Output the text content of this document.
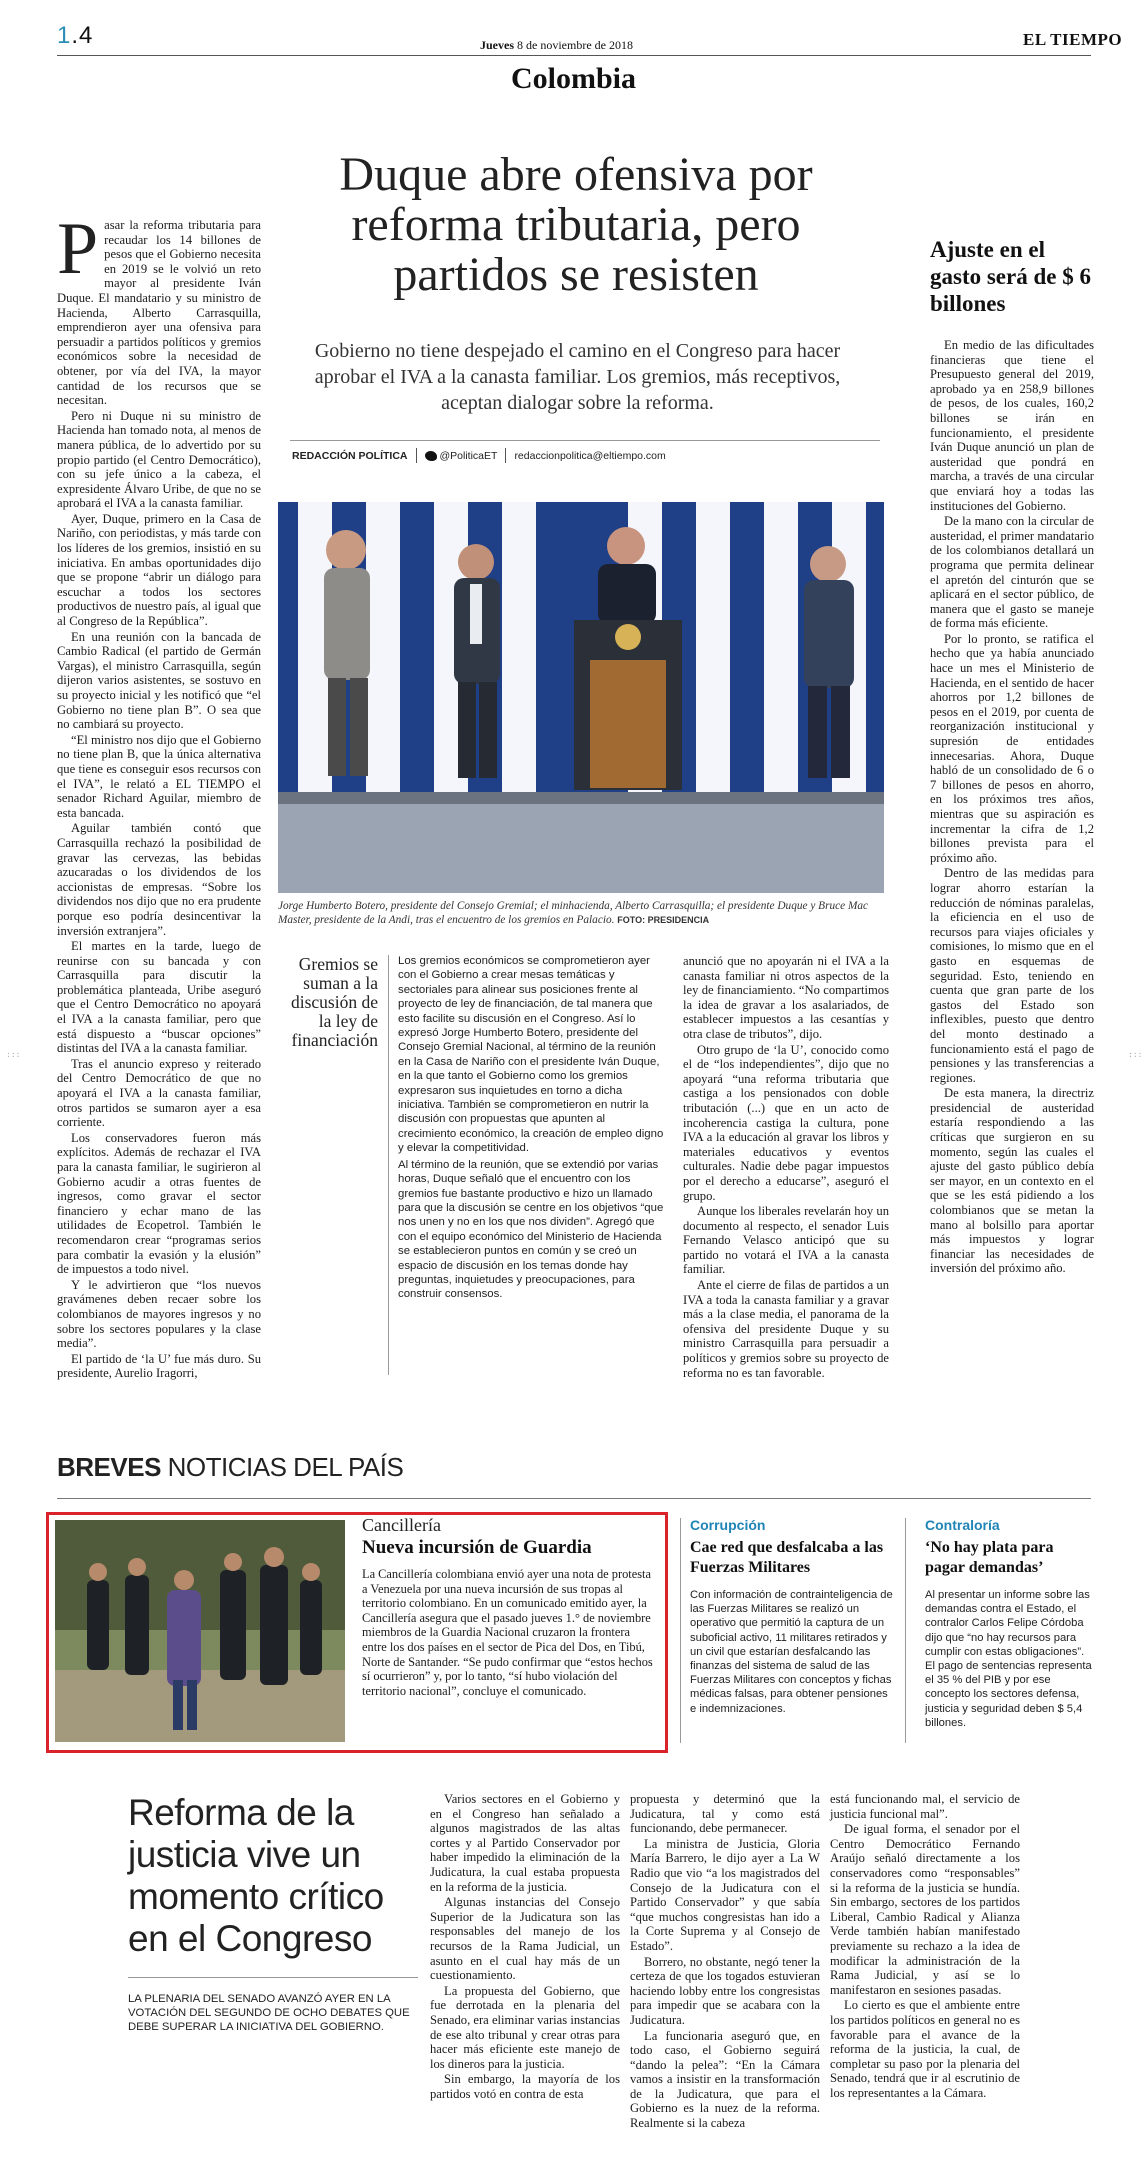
1.4	Jueves 8 de noviembre de 2018	EL TIEMPO
Colombia
Duque abre ofensiva por reforma tributaria, pero partidos se resisten
Gobierno no tiene despejado el camino en el Congreso para hacer aprobar el IVA a la canasta familiar. Los gremios, más receptivos, aceptan dialogar sobre la reforma.
REDACCIÓN POLÍTICA	@PoliticaET redaccionpolitica@eltiempo.com
P asar la reforma tributaria para recaudar los 14 billones de pesos que el Gobierno necesita en 2019 se le volvió un reto mayor al presidente Iván Duque. El mandatario y su ministro de Hacienda, Alberto Carrasquilla, emprendieron ayer una ofensiva para persuadir a partidos políticos y gremios económicos sobre la necesidad de obtener, por vía del IVA, la mayor cantidad de los recursos que se necesitan.

Pero ni Duque ni su ministro de Hacienda han tomado nota, al menos de manera pública, de lo advertido por su propio partido (el Centro Democrático), con su jefe único a la cabeza, el expresidente Álvaro Uribe, de que no se aprobará el IVA a la canasta familiar.

Ayer, Duque, primero en la Casa de Nariño, con periodistas, y más tarde con los líderes de los gremios, insistió en su iniciativa. En ambas oportunidades dijo que se propone “abrir un diálogo para escuchar a todos los sectores productivos de nuestro país, al igual que al Congreso de la República”.

En una reunión con la bancada de Cambio Radical (el partido de Germán Vargas), el ministro Carrasquilla, según dijeron varios asistentes, se sostuvo en su proyecto inicial y les notificó que “el Gobierno no tiene plan B”. O sea que no cambiará su proyecto.

“El ministro nos dijo que el Gobierno no tiene plan B, que la única alternativa que tiene es conseguir esos recursos con el IVA”, le relató a EL TIEMPO el senador Richard Aguilar, miembro de esta bancada.

Aguilar también contó que Carrasquilla rechazó la posibilidad de gravar las cervezas, las bebidas azucaradas o los dividendos de los accionistas de empresas. “Sobre los dividendos nos dijo que no era prudente porque eso podría desincentivar la inversión extranjera”.

El martes en la tarde, luego de reunirse con su bancada y con Carrasquilla para discutir la problemática planteada, Uribe aseguró que el Centro Democrático no apoyará el IVA a la canasta familiar, pero que está dispuesto a “buscar opciones” distintas del IVA a la canasta familiar.

Tras el anuncio expreso y reiterado del Centro Democrático de que no apoyará el IVA a la canasta familiar, otros partidos se sumaron ayer a esa corriente.

Los conservadores fueron más explícitos. Además de rechazar el IVA para la canasta familiar, le sugirieron al Gobierno acudir a otras fuentes de ingresos, como gravar el sector financiero y echar mano de las utilidades de Ecopetrol. También le recomendaron crear “programas serios para combatir la evasión y la elusión” de impuestos a todo nivel.

Y le advirtieron que “los nuevos gravámenes deben recaer sobre los colombianos de mayores ingresos y no sobre los sectores populares y la clase media”.

El partido de ‘la U’ fue más duro. Su presidente, Aurelio Iragorri,

Jorge Humberto Botero, presidente del Consejo Gremial; el minhacienda, Alberto Carrasquilla; el presidente Duque y Bruce Mac Master, presidente de la Andi, tras el encuentro de los gremios en Palacio. FOTO: PRESIDENCIA
Ajuste en el gasto será de $ 6 billones

En medio de las dificultades financieras que tiene el Presupuesto general del 2019, aprobado ya en 258,9 billones de pesos, de los cuales, 160,2 billones se irán en funcionamiento, el presidente Iván Duque anunció un plan de austeridad que pondrá en marcha, a través de una circular que enviará hoy a todas las instituciones del Gobierno.

De la mano con la circular de austeridad, el primer mandatario de los colombianos detallará un programa que permita delinear el apretón del cinturón que se aplicará en el sector público, de manera que el gasto se maneje de forma más eficiente.

Por lo pronto, se ratifica el hecho que ya había anunciado hace un mes el Ministerio de Hacienda, en el sentido de hacer ahorros por 1,2 billones de pesos en el 2019, por cuenta de reorganización institucional y supresión de entidades innecesarias. Ahora, Duque habló de un consolidado de 6 o 7 billones de pesos en ahorro, en los próximos tres años, mientras que su aspiración es incrementar la cifra de 1,2 billones prevista para el próximo año.

Dentro de las medidas para lograr ahorro estarían la reducción de nóminas paralelas, la eficiencia en el uso de recursos para viajes oficiales y comisiones, lo mismo que en el gasto en esquemas de seguridad. Esto, teniendo en cuenta que gran parte de los gastos del Estado son inflexibles, puesto que dentro del monto destinado a funcionamiento está el pago de pensiones y las transferencias a regiones.

De esta manera, la directriz presidencial de austeridad estaría respondiendo a las críticas que surgieron en su momento, según las cuales el ajuste del gasto público debía ser mayor, en un contexto en el que se les está pidiendo a los colombianos que se metan la mano al bolsillo para aportar más impuestos y lograr financiar las necesidades de inversión del próximo año.

Gremios se suman a la discusión de la ley de financiación

Los gremios económicos se comprometieron ayer con el Gobierno a crear mesas temáticas y sectoriales para alinear sus posiciones frente al proyecto de ley de financiación, de tal manera que esto facilite su discusión en el Congreso. Así lo expresó Jorge Humberto Botero, presidente del Consejo Gremial Nacional, al término de la reunión en la Casa de Nariño con el presidente Iván Duque, en la que tanto el Gobierno como los gremios expresaron sus inquietudes en torno a dicha iniciativa. También se comprometieron en nutrir la discusión con propuestas que apunten al crecimiento económico, la creación de empleo digno y elevar la competitividad.

Al término de la reunión, que se extendió por varias horas, Duque señaló que el encuentro con los gremios fue bastante productivo e hizo un llamado para que la discusión se centre en los objetivos “que nos unen y no en los que nos dividen”. Agregó que con el equipo económico del Ministerio de Hacienda se establecieron puntos en común y se creó un espacio de discusión en los temas donde hay preguntas, inquietudes y preocupaciones, para construir consensos.

anunció que no apoyarán ni el IVA a la canasta familiar ni otros aspectos de la ley de financiamiento. “No compartimos la idea de gravar a los asalariados, de establecer impuestos a las cesantías y otra clase de tributos”, dijo.

Otro grupo de ‘la U’, conocido como el de “los independientes”, dijo que no apoyará “una reforma tributaria que castiga a los pensionados con doble tributación (...) que en un acto de incoherencia castiga la cultura, pone IVA a la educación al gravar los libros y materiales educativos y eventos culturales. Nadie debe pagar impuestos por el derecho a educarse”, aseguró el grupo.

Aunque los liberales revelarán hoy un documento al respecto, el senador Luis Fernando Velasco anticipó que su partido no votará el IVA a la canasta familiar.

Ante el cierre de filas de partidos a un IVA a toda la canasta familiar y a gravar más a la clase media, el panorama de la ofensiva del presidente Duque y su ministro Carrasquilla para persuadir a políticos y gremios sobre su proyecto de reforma no es tan favorable.

:::	:::
BREVES NOTICIAS DEL PAÍS
Cancillería
Nueva incursión de Guardia
La Cancillería colombiana envió ayer una nota de protesta a Venezuela por una nueva incursión de sus tropas al territorio colombiano. En un comunicado emitido ayer, la Cancillería asegura que el pasado jueves 1.° de noviembre miembros de la Guardia Nacional cruzaron la frontera entre los dos países en el sector de Pica del Dos, en Tibú, Norte de Santander. “Se pudo confirmar que “estos hechos sí ocurrieron” y, por lo tanto, “sí hubo violación del territorio nacional”, concluye el comunicado.
Corrupción
Cae red que desfalcaba a las Fuerzas Militares
Con información de contrainteligencia de las Fuerzas Militares se realizó un operativo que permitió la captura de un suboficial activo, 11 militares retirados y un civil que estarían desfalcando las finanzas del sistema de salud de las Fuerzas Militares con conceptos y fichas médicas falsas, para obtener pensiones e indemnizaciones.
Contraloría
‘No hay plata para pagar demandas’
Al presentar un informe sobre las demandas contra el Estado, el contralor Carlos Felipe Córdoba dijo que “no hay recursos para cumplir con estas obligaciones”. El pago de sentencias representa el 35 % del PIB y por ese concepto los sectores defensa, justicia y seguridad deben $ 5,4 billones.
Reforma de la justicia vive un momento crítico en el Congreso
LA PLENARIA DEL SENADO AVANZÓ AYER EN LA VOTACIÓN DEL SEGUNDO DE OCHO DEBATES QUE DEBE SUPERAR LA INICIATIVA DEL GOBIERNO.

Varios sectores en el Gobierno y en el Congreso han señalado a algunos magistrados de las altas cortes y al Partido Conservador por haber impedido la eliminación de la Judicatura, la cual estaba propuesta en la reforma de la justicia.

Algunas instancias del Consejo Superior de la Judicatura son las responsables del manejo de los recursos de la Rama Judicial, un asunto en el cual hay más de un cuestionamiento.

La propuesta del Gobierno, que fue derrotada en la plenaria del Senado, era eliminar varias instancias de ese alto tribunal y crear otras para hacer más eficiente este manejo de los dineros para la justicia.

Sin embargo, la mayoría de los partidos votó en contra de esta

propuesta y determinó que la Judicatura, tal y como está funcionando, debe permanecer.

La ministra de Justicia, Gloria María Barrero, le dijo ayer a La W Radio que vio “a los magistrados del Consejo de la Judicatura con el Partido Conservador” y que sabía “que muchos congresistas han ido a la Corte Suprema y al Consejo de Estado”.

Borrero, no obstante, negó tener la certeza de que los togados estuvieran haciendo lobby entre los congresistas para impedir que se acabara con la Judicatura.

La funcionaria aseguró que, en todo caso, el Gobierno seguirá “dando la pelea”: “En la Cámara vamos a insistir en la transformación de la Judicatura, que para el Gobierno es la nuez de la reforma. Realmente si la cabeza

está funcionando mal, el servicio de justicia funcional mal”.

De igual forma, el senador por el Centro Democrático Fernando Araújo señaló directamente a los conservadores como “responsables” si la reforma de la justicia se hundía. Sin embargo, sectores de los partidos Liberal, Cambio Radical y Alianza Verde también habían manifestado previamente su rechazo a la idea de modificar la administración de la Rama Judicial, y así se lo manifestaron en sesiones pasadas.

Lo cierto es que el ambiente entre los partidos políticos en general no es favorable para el avance de la reforma de la justicia, la cual, de completar su paso por la plenaria del Senado, tendrá que ir al escrutinio de los representantes a la Cámara.
